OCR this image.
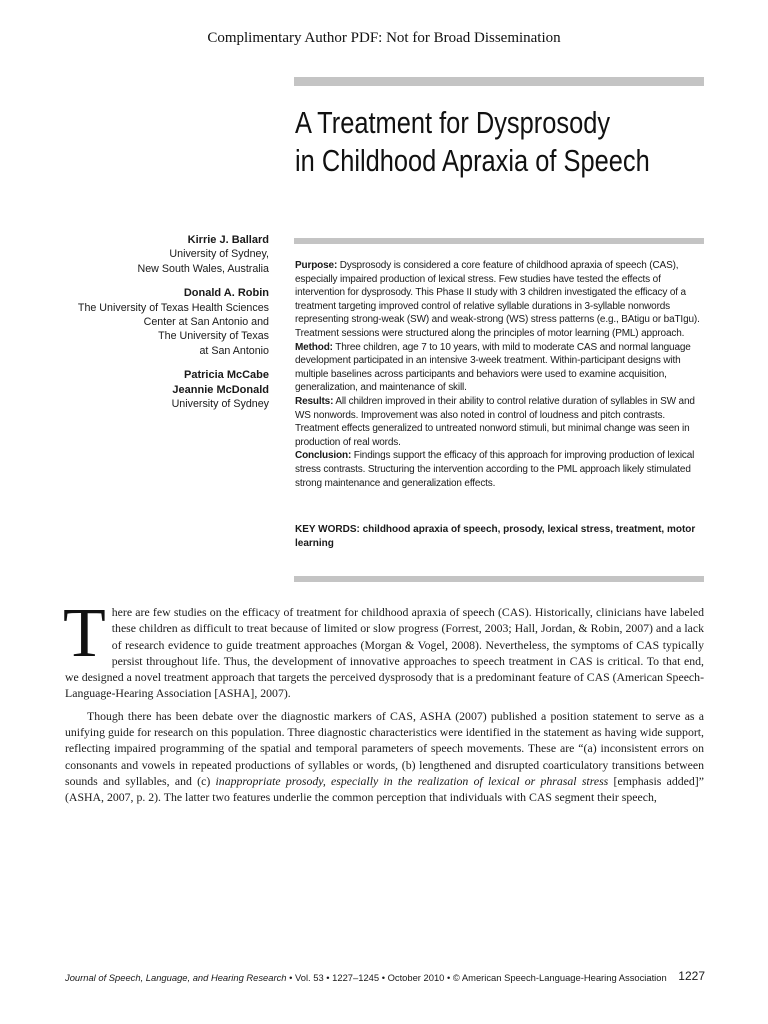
Complimentary Author PDF: Not for Broad Dissemination
A Treatment for Dysprosody
in Childhood Apraxia of Speech
Kirrie J. Ballard
University of Sydney,
New South Wales, Australia
Donald A. Robin
The University of Texas Health Sciences
Center at San Antonio and
The University of Texas
at San Antonio
Patricia McCabe
Jeannie McDonald
University of Sydney

Purpose: Dysprosody is considered a core feature of childhood apraxia of speech (CAS), especially impaired production of lexical stress. Few studies have tested the effects of intervention for dysprosody. This Phase II study with 3 children investigated the efficacy of a treatment targeting improved control of relative syllable durations in 3-syllable nonwords representing strong-weak (SW) and weak-strong (WS) stress patterns (e.g., BAtigu or baTIgu). Treatment sessions were structured along the principles of motor learning (PML) approach.

Method: Three children, age 7 to 10 years, with mild to moderate CAS and normal language development participated in an intensive 3-week treatment. Within-participant designs with multiple baselines across participants and behaviors were used to examine acquisition, generalization, and maintenance of skill.

Results: All children improved in their ability to control relative duration of syllables in SW and WS nonwords. Improvement was also noted in control of loudness and pitch contrasts. Treatment effects generalized to untreated nonword stimuli, but minimal change was seen in production of real words.

Conclusion: Findings support the efficacy of this approach for improving production of lexical stress contrasts. Structuring the intervention according to the PML approach likely stimulated strong maintenance and generalization effects.

KEY WORDS: childhood apraxia of speech, prosody, lexical stress, treatment, motor learning

There are few studies on the efficacy of treatment for childhood apraxia of speech (CAS). Historically, clinicians have labeled these children as difficult to treat because of limited or slow progress (Forrest, 2003; Hall, Jordan, & Robin, 2007) and a lack of research evidence to guide treatment approaches (Morgan & Vogel, 2008). Nevertheless, the symptoms of CAS typically persist throughout life. Thus, the development of innovative approaches to speech treatment in CAS is critical. To that end, we designed a novel treatment approach that targets the perceived dysprosody that is a predominant feature of CAS (American Speech-Language-Hearing Association [ASHA], 2007).

Though there has been debate over the diagnostic markers of CAS, ASHA (2007) published a position statement to serve as a unifying guide for research on this population. Three diagnostic characteristics were identified in the statement as having wide support, reflecting impaired programming of the spatial and temporal parameters of speech movements. These are “(a) inconsistent errors on consonants and vowels in repeated productions of syllables or words, (b) lengthened and disrupted coarticulatory transitions between sounds and syllables, and (c) inappropriate prosody, especially in the realization of lexical or phrasal stress [emphasis added]” (ASHA, 2007, p. 2). The latter two features underlie the common perception that individuals with CAS segment their speech,

Journal of Speech, Language, and Hearing Research • Vol. 53 • 1227–1245 • October 2010 • © American Speech-Language-Hearing Association 1227
